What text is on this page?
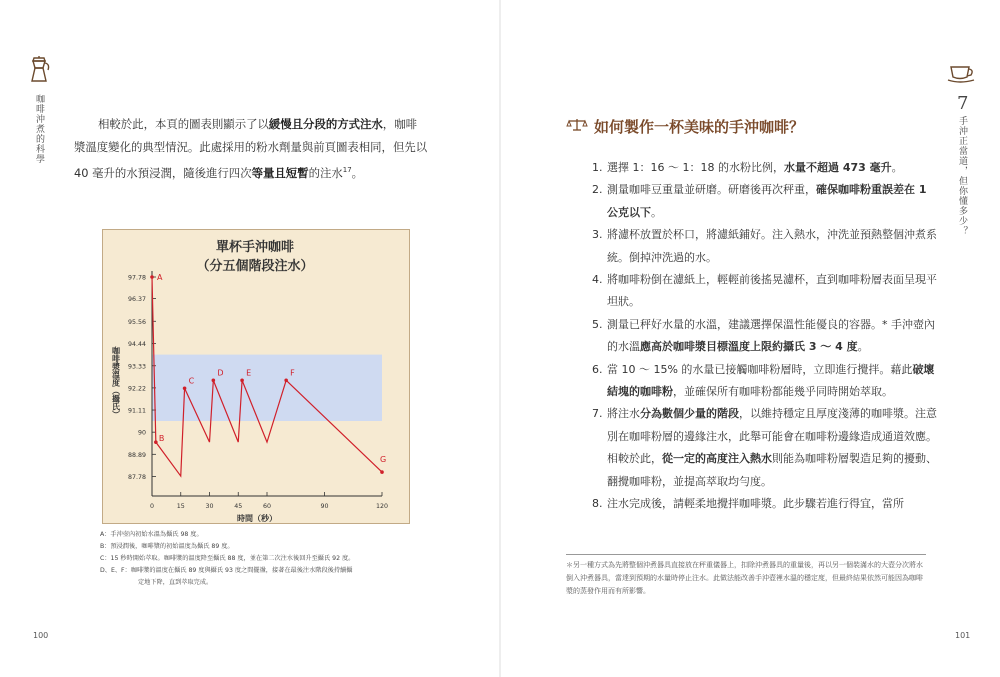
咖啡沖煮的科學	相較於此，本頁的圖表則顯示了以緩慢且分段的方式注水，咖啡
漿溫度變化的典型情況。此處採用的粉水劑量與前頁圖表相同，但先以
40 毫升的水預浸潤，隨後進行四次等量且短暫的注水$^{17}$。
單杯手沖咖啡
（分五個階段注水）
97.78
96.37
95.56
94.44
93.33
92.22
91.11
90
88.89
87.78
0	15	30	45	60	90	120
時間（秒）
咖啡漿溫度（攝氏）
A
B
C
D	E	F
G
A：手沖壺內初始水溫為攝氏 98 度。
B：預浸潤後，咖啡漿的初始溫度為攝氏 89 度。
C：15 秒時開始萃取。咖啡漿的溫度降至攝氏 88 度，並在第二次注水後回升至攝氏 92 度。
D、E、F：咖啡漿的溫度在攝氏 89 度與攝氏 93 度之間擺盪，接著在最後注水階段後持續攝
定地下降，直到萃取完成。
100
7
手沖正當道，但你懂多少？
如何製作一杯美味的手沖咖啡？
1. 選擇 1：16 ～ 1：18 的水粉比例，水量不超過 473 毫升。
2. 測量咖啡豆重量並研磨。研磨後再次秤重，確保咖啡粉重誤差在 1 公克以下。
3. 將濾杯放置於杯口，將濾紙鋪好。注入熱水，沖洗並預熱整個沖煮系統。倒掉沖洗過的水。
4. 將咖啡粉倒在濾紙上，輕輕前後搖晃濾杯，直到咖啡粉層表面呈現平坦狀。
5. 測量已秤好水量的水溫，建議選擇保溫性能優良的容器。* 手沖壺內的水溫應高於咖啡漿目標溫度上限約攝氏 3 ～ 4 度。
6. 當 10 ～ 15% 的水量已接觸咖啡粉層時，立即進行攪拌。藉此破壞結塊的咖啡粉，並確保所有咖啡粉都能幾乎同時開始萃取。
7. 將注水分為數個少量的階段，以維持穩定且厚度淺薄的咖啡漿。注意別在咖啡粉層的邊緣注水，此舉可能會在咖啡粉邊緣造成通道效應。相較於此，從一定的高度注入熱水則能為咖啡粉層製造足夠的擾動、翻攪咖啡粉，並提高萃取均勻度。
8. 注水完成後，請輕柔地攪拌咖啡漿。此步驟若進行得宜，當所
＊另一種方式為先將整個沖煮器具直接放在秤重儀器上，扣除沖煮器具的重量後，再以另一個裝滿水的大壺分次將水倒入沖煮器具，當達到預期的水量時停止注水。此做法能改善手沖壺裡水溫的穩定度，但最終結果依然可能因為咖啡漿的蒸發作用而有所影響。
101
